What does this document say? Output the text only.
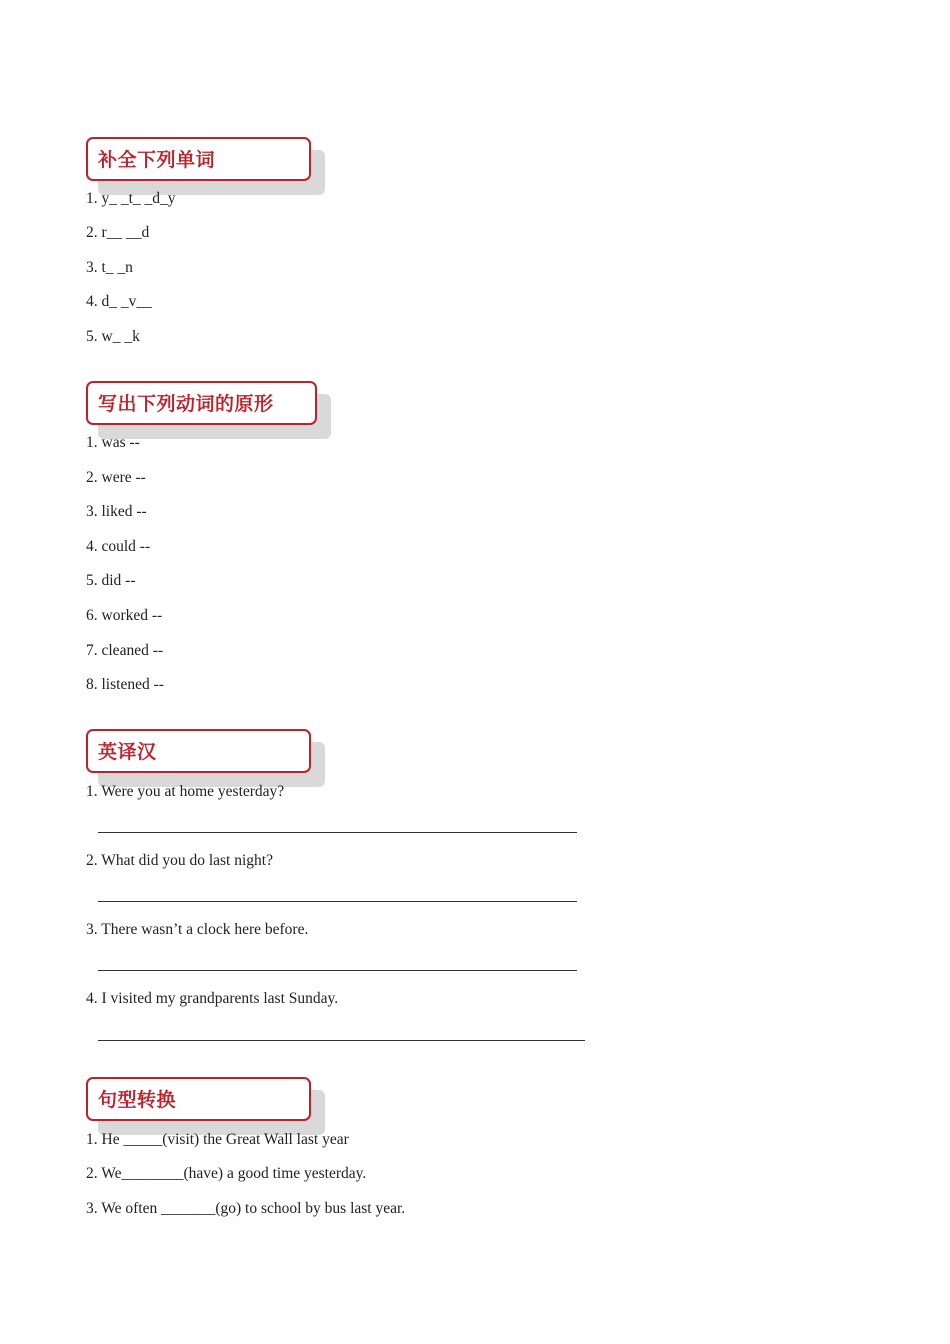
补全下列单词
1. y_ _t_ _d_y
2. r__ __d
3. t_ _n
4. d_ _v__
5. w_ _k
写出下列动词的原形
1. was --
2. were --
3. liked --
4. could --
5. did --
6. worked --
7. cleaned --
8. listened --
英译汉
1. Were you at home yesterday?
2. What did you do last night?
3. There wasn’t a clock here before.
4. I visited my grandparents last Sunday.
句型转换
1. He _____(visit) the Great Wall last year
2. We________(have) a good time yesterday.
3. We often _______(go) to school by bus last year.
